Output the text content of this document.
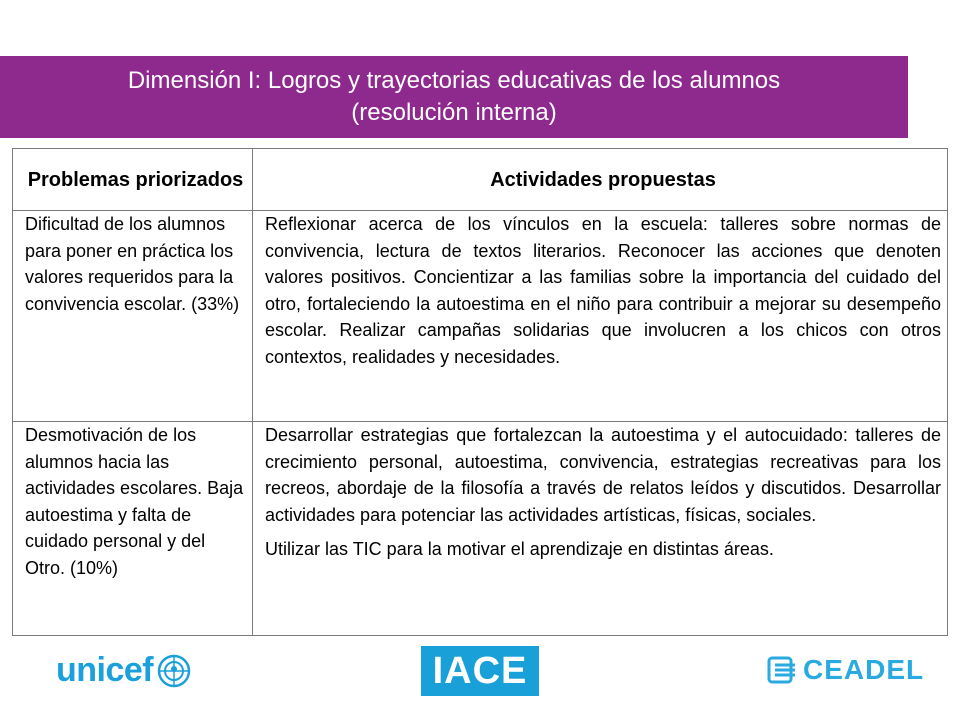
Dimensión I: Logros y trayectorias educativas de los alumnos
(resolución interna)
Problemas priorizados	Actividades propuestas
Dificultad de los alumnos para poner en práctica los valores requeridos para la convivencia escolar. (33%)	Reflexionar acerca de los vínculos en la escuela: talleres sobre normas de convivencia, lectura de textos literarios. Reconocer las acciones que denoten valores positivos. Concientizar a las familias sobre la importancia del cuidado del otro, fortaleciendo la autoestima en el niño para contribuir a mejorar su desempeño escolar. Realizar campañas solidarias que involucren a los chicos con otros contextos, realidades y necesidades.

Desmotivación de los alumnos hacia las actividades escolares. Baja autoestima y falta de cuidado personal y del Otro. (10%)	Desarrollar estrategias que fortalezcan la autoestima y el autocuidado: talleres de crecimiento personal, autoestima, convivencia, estrategias recreativas para los recreos, abordaje de la filosofía a través de relatos leídos y discutidos. Desarrollar actividades para potenciar las actividades artísticas, físicas, sociales.
Utilizar las TIC para la motivar el aprendizaje en distintas áreas.
unicef	IACE	CEADEL
